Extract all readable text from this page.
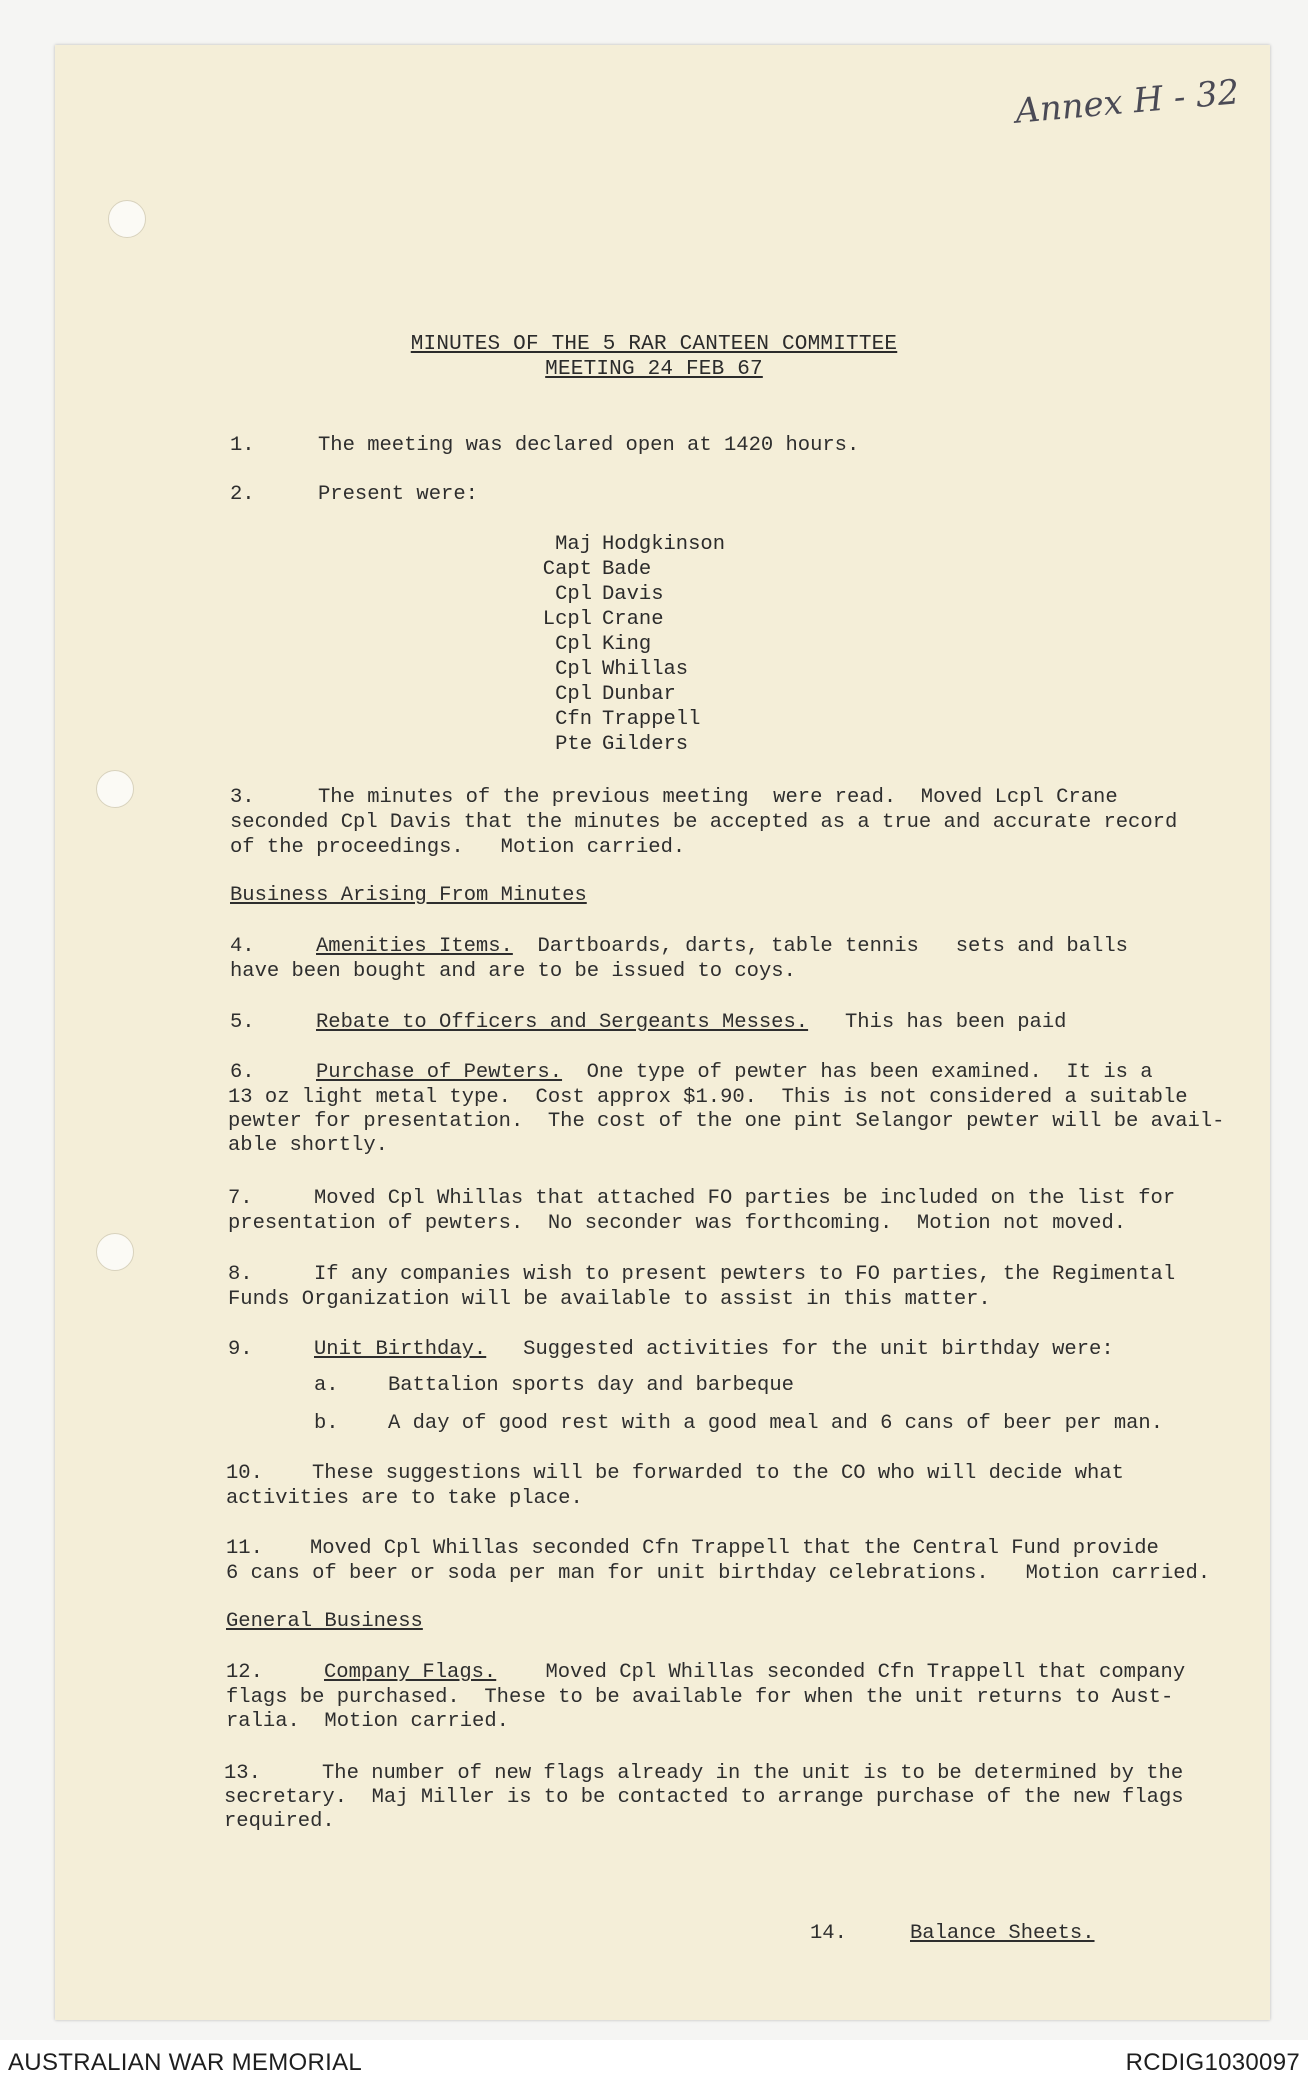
Annex H - 32
MINUTES OF THE 5 RAR CANTEEN COMMITTEE
MEETING 24 FEB 67
1.	The meeting was declared open at 1420 hours.
2.	Present were:
Maj Hodgkinson
Capt Bade
Cpl Davis
Lcpl Crane
Cpl King
Cpl Whillas
Cpl Dunbar
Cfn Trappell
Pte Gilders
3.	The minutes of the previous meeting  were read.  Moved Lcpl Crane
seconded Cpl Davis that the minutes be accepted as a true and accurate record
of the proceedings.   Motion carried.
Business Arising From Minutes
4.	Amenities Items.  Dartboards, darts, table tennis   sets and balls
have been bought and are to be issued to coys.
5.	Rebate to Officers and Sergeants Messes.   This has been paid
6.	Purchase of Pewters.  One type of pewter has been examined.  It is a
13 oz light metal type.  Cost approx $1.90.  This is not considered a suitable
pewter for presentation.  The cost of the one pint Selangor pewter will be avail-
able shortly.
7.	Moved Cpl Whillas that attached FO parties be included on the list for
presentation of pewters.  No seconder was forthcoming.  Motion not moved.
8.	If any companies wish to present pewters to FO parties, the Regimental
Funds Organization will be available to assist in this matter.
9.	Unit Birthday.   Suggested activities for the unit birthday were:
a. Battalion sports day and barbeque
b. A day of good rest with a good meal and 6 cans of beer per man.
10. These suggestions will be forwarded to the CO who will decide what
activities are to take place.
11. Moved Cpl Whillas seconded Cfn Trappell that the Central Fund provide
6 cans of beer or soda per man for unit birthday celebrations.   Motion carried.
General Business
12.	Company Flags.    Moved Cpl Whillas seconded Cfn Trappell that company
flags be purchased.  These to be available for when the unit returns to Aust-
ralia.  Motion carried.
13.	The number of new flags already in the unit is to be determined by the
secretary.  Maj Miller is to be contacted to arrange purchase of the new flags
required.
14.	Balance Sheets.
AUSTRALIAN WAR MEMORIAL	RCDIG1030097
